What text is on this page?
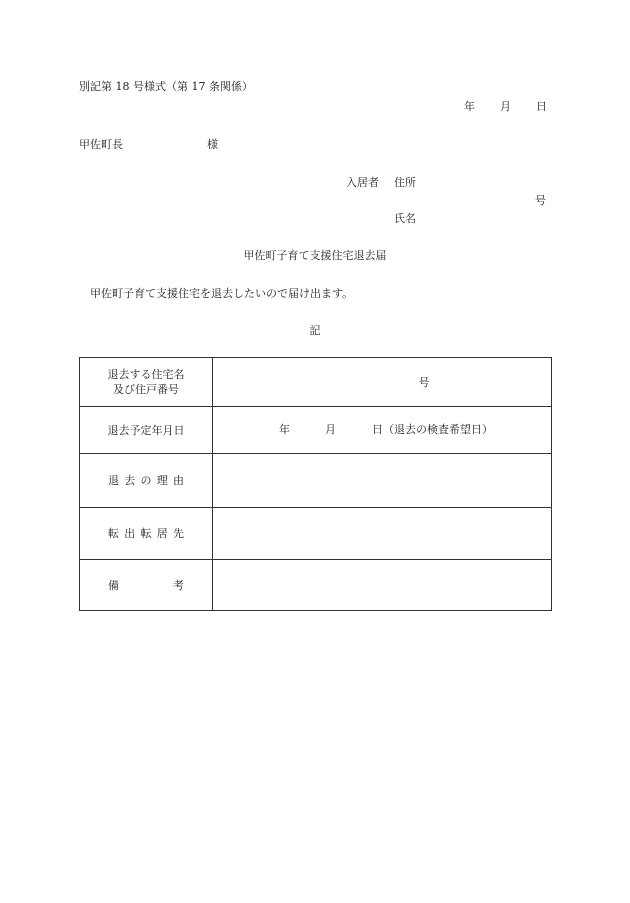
別記第 18 号様式（第 17 条関係）
年 月 日
甲佐町長	様
入居者 住所
号
氏名
甲佐町子育て支援住宅退去届
甲佐町子育て支援住宅を退去したいので届け出ます。
記
退去する住宅名
及び住戸番号	号
退去予定年月日	年 月 日（退去の検査希望日）

退 去 の 理 由	

転 出 転 居 先	

備 考	
